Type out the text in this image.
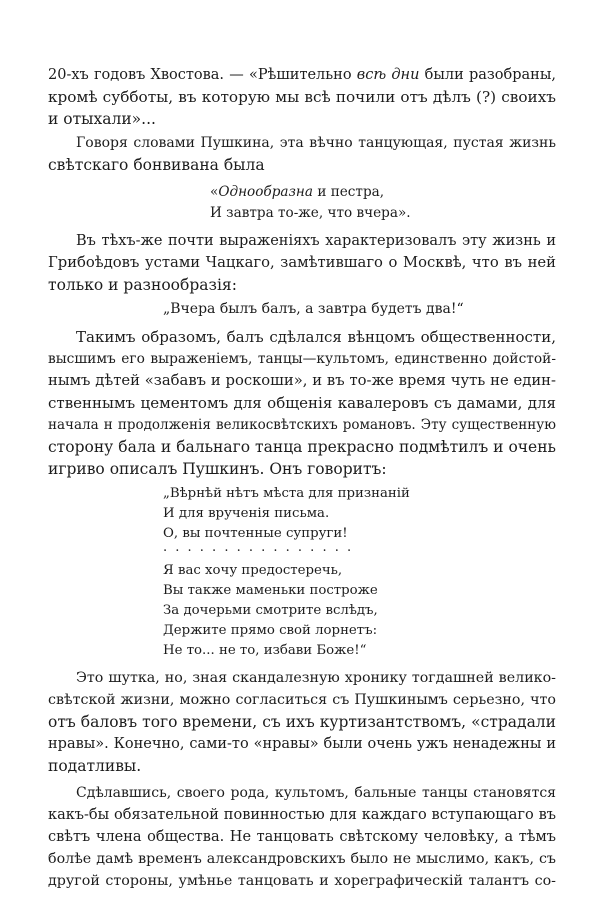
20-хъ годовъ Хвостова. — «Рѣшительно всѣ дни были разобраны,
кромѣ субботы, въ которую мы всѣ почили отъ дѣлъ (?) своихъ
и отыхали»...
Говоря словами Пушкина, эта вѣчно танцующая, пустая жизнь
свѣтскаго бонвивана была
«Однообразна и пестра,
И завтра то-же, что вчера».
Въ тѣхъ-же почти выраженіяхъ характеризовалъ эту жизнь и
Грибоѣдовъ устами Чацкаго, замѣтившаго о Москвѣ, что въ ней
только и разнообразія:
„Вчера былъ балъ, а завтра будетъ два!“
Такимъ образомъ, балъ сдѣлался вѣнцомъ общественности,
высшимъ его выраженіемъ, танцы—культомъ, единственно дойстой-
нымъ дѣтей «забавъ и роскоши», и въ то-же время чуть не един-
ственнымъ цементомъ для общенія кавалеровъ съ дамами, для
начала н продолженія великосвѣтскихъ романовъ. Эту существенную
сторону бала и бальнаго танца прекрасно подмѣтилъ и очень
игриво описалъ Пушкинъ. Онъ говоритъ:
„Вѣрнѣй нѣтъ мѣста для признаній
И для врученія письма.
О, вы почтенные супруги!
. . . . . . . . . . . . . . . .
Я вас хочу предостеречь,
Вы также маменьки построже
За дочерьми смотрите вслѣдъ,
Держите прямо свой лорнетъ:
Не то... не то, избави Боже!“
Это шутка, но, зная скандалезную хронику тогдашней велико-
свѣтской жизни, можно согласиться съ Пушкинымъ серьезно, что
отъ баловъ того времени, съ ихъ куртизантствомъ, «страдали
нравы». Конечно, сами-то «нравы» были очень ужъ ненадежны и
податливы.
Сдѣлавшись, своего рода, культомъ, бальные танцы становятся
какъ-бы обязательной повинностью для каждаго вступающаго въ
свѣтъ члена общества. Не танцовать свѣтскому человѣку, а тѣмъ
болѣе дамѣ временъ александровскихъ было не мыслимо, какъ, съ
другой стороны, умѣнье танцовать и хореграфическій талантъ со-
